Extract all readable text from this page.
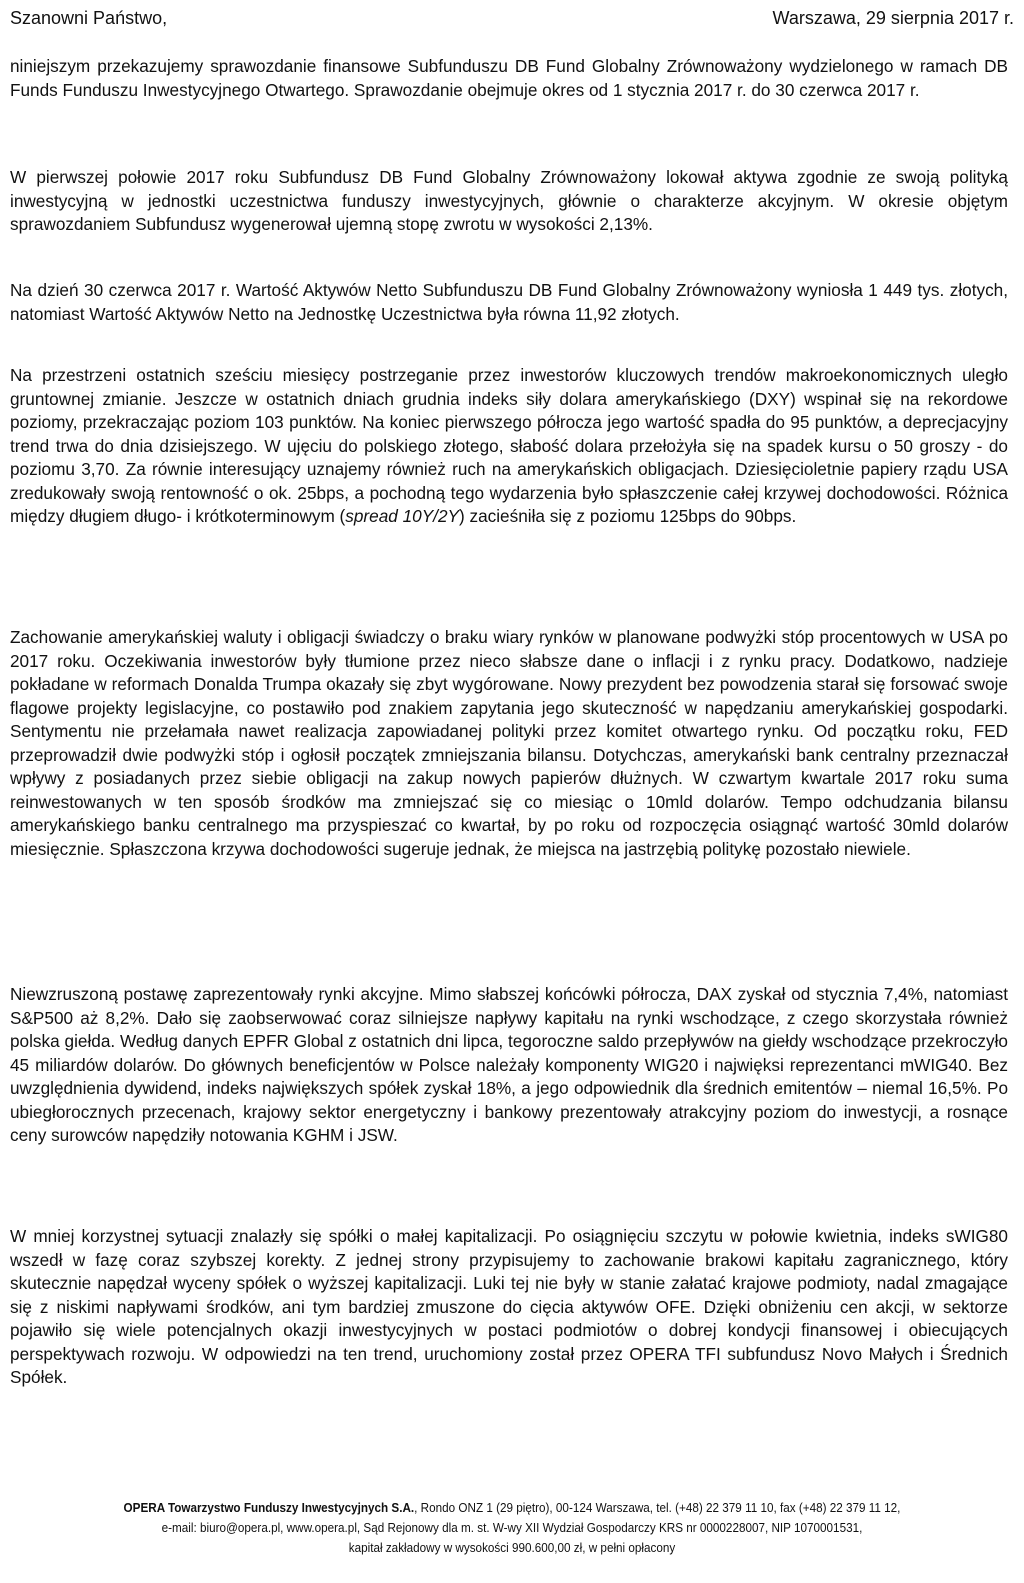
Szanowni Państwo,	Warszawa, 29 sierpnia 2017 r.

niniejszym przekazujemy sprawozdanie finansowe Subfunduszu DB Fund Globalny Zrównoważony wydzielonego w ramach DB Funds Funduszu Inwestycyjnego Otwartego. Sprawozdanie obejmuje okres od 1 stycznia 2017 r. do 30 czerwca 2017 r.

W pierwszej połowie 2017 roku Subfundusz DB Fund Globalny Zrównoważony lokował aktywa zgodnie ze swoją polityką inwestycyjną w jednostki uczestnictwa funduszy inwestycyjnych, głównie o charakterze akcyjnym. W okresie objętym sprawozdaniem Subfundusz wygenerował ujemną stopę zwrotu w wysokości 2,13%.

Na dzień 30 czerwca 2017 r. Wartość Aktywów Netto Subfunduszu DB Fund Globalny Zrównoważony wyniosła 1 449 tys. złotych, natomiast Wartość Aktywów Netto na Jednostkę Uczestnictwa była równa 11,92 złotych.

Na przestrzeni ostatnich sześciu miesięcy postrzeganie przez inwestorów kluczowych trendów makroekonomicznych uległo gruntownej zmianie. Jeszcze w ostatnich dniach grudnia indeks siły dolara amerykańskiego (DXY) wspinał się na rekordowe poziomy, przekraczając poziom 103 punktów. Na koniec pierwszego półrocza jego wartość spadła do 95 punktów, a deprecjacyjny trend trwa do dnia dzisiejszego. W ujęciu do polskiego złotego, słabość dolara przełożyła się na spadek kursu o 50 groszy - do poziomu 3,70. Za równie interesujący uznajemy również ruch na amerykańskich obligacjach. Dziesięcioletnie papiery rządu USA zredukowały swoją rentowność o ok. 25bps, a pochodną tego wydarzenia było spłaszczenie całej krzywej dochodowości. Różnica między długiem długo- i krótkoterminowym (spread 10Y/2Y) zacieśniła się z poziomu 125bps do 90bps.

Zachowanie amerykańskiej waluty i obligacji świadczy o braku wiary rynków w planowane podwyżki stóp procentowych w USA po 2017 roku. Oczekiwania inwestorów były tłumione przez nieco słabsze dane o inflacji i z rynku pracy. Dodatkowo, nadzieje pokładane w reformach Donalda Trumpa okazały się zbyt wygórowane. Nowy prezydent bez powodzenia starał się forsować swoje flagowe projekty legislacyjne, co postawiło pod znakiem zapytania jego skuteczność w napędzaniu amerykańskiej gospodarki. Sentymentu nie przełamała nawet realizacja zapowiadanej polityki przez komitet otwartego rynku. Od początku roku, FED przeprowadził dwie podwyżki stóp i ogłosił początek zmniejszania bilansu. Dotychczas, amerykański bank centralny przeznaczał wpływy z posiadanych przez siebie obligacji na zakup nowych papierów dłużnych. W czwartym kwartale 2017 roku suma reinwestowanych w ten sposób środków ma zmniejszać się co miesiąc o 10mld dolarów. Tempo odchudzania bilansu amerykańskiego banku centralnego ma przyspieszać co kwartał, by po roku od rozpoczęcia osiągnąć wartość 30mld dolarów miesięcznie. Spłaszczona krzywa dochodowości sugeruje jednak, że miejsca na jastrzębią politykę pozostało niewiele.

Niewzruszoną postawę zaprezentowały rynki akcyjne. Mimo słabszej końcówki półrocza, DAX zyskał od stycznia 7,4%, natomiast S&P500 aż 8,2%. Dało się zaobserwować coraz silniejsze napływy kapitału na rynki wschodzące, z czego skorzystała również polska giełda. Według danych EPFR Global z ostatnich dni lipca, tegoroczne saldo przepływów na giełdy wschodzące przekroczyło 45 miliardów dolarów. Do głównych beneficjentów w Polsce należały komponenty WIG20 i najwięksi reprezentanci mWIG40. Bez uwzględnienia dywidend, indeks największych spółek zyskał 18%, a jego odpowiednik dla średnich emitentów – niemal 16,5%. Po ubiegłorocznych przecenach, krajowy sektor energetyczny i bankowy prezentowały atrakcyjny poziom do inwestycji, a rosnące ceny surowców napędziły notowania KGHM i JSW.

W mniej korzystnej sytuacji znalazły się spółki o małej kapitalizacji. Po osiągnięciu szczytu w połowie kwietnia, indeks sWIG80 wszedł w fazę coraz szybszej korekty. Z jednej strony przypisujemy to zachowanie brakowi kapitału zagranicznego, który skutecznie napędzał wyceny spółek o wyższej kapitalizacji. Luki tej nie były w stanie załatać krajowe podmioty, nadal zmagające się z niskimi napływami środków, ani tym bardziej zmuszone do cięcia aktywów OFE. Dzięki obniżeniu cen akcji, w sektorze pojawiło się wiele potencjalnych okazji inwestycyjnych w postaci podmiotów o dobrej kondycji finansowej i obiecujących perspektywach rozwoju. W odpowiedzi na ten trend, uruchomiony został przez OPERA TFI subfundusz Novo Małych i Średnich Spółek.

OPERA Towarzystwo Funduszy Inwestycyjnych S.A., Rondo ONZ 1 (29 piętro), 00-124 Warszawa, tel. (+48) 22 379 11 10, fax (+48) 22 379 11 12,
e-mail: biuro@opera.pl, www.opera.pl, Sąd Rejonowy dla m. st. W-wy XII Wydział Gospodarczy KRS nr 0000228007, NIP 1070001531,
kapitał zakładowy w wysokości 990.600,00 zł, w pełni opłacony
